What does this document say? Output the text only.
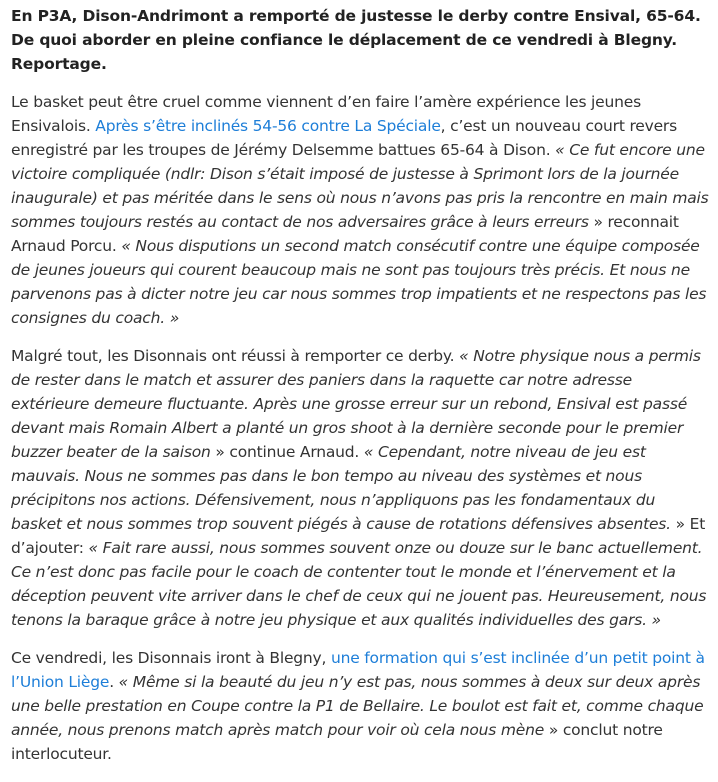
En P3A, Dison-Andrimont a remporté de justesse le derby contre Ensival, 65-64. De quoi aborder en pleine confiance le déplacement de ce vendredi à Blegny. Reportage.

Le basket peut être cruel comme viennent d’en faire l’amère expérience les jeunes Ensivalois. Après s’être inclinés 54-56 contre La Spéciale, c’est un nouveau court revers enregistré par les troupes de Jérémy Delsemme battues 65-64 à Dison. « Ce fut encore une victoire compliquée (ndlr: Dison s’était imposé de justesse à Sprimont lors de la journée inaugurale) et pas méritée dans le sens où nous n’avons pas pris la rencontre en main mais sommes toujours restés au contact de nos adversaires grâce à leurs erreurs » reconnait Arnaud Porcu. « Nous disputions un second match consécutif contre une équipe composée de jeunes joueurs qui courent beaucoup mais ne sont pas toujours très précis. Et nous ne parvenons pas à dicter notre jeu car nous sommes trop impatients et ne respectons pas les consignes du coach. »

Malgré tout, les Disonnais ont réussi à remporter ce derby. « Notre physique nous a permis de rester dans le match et assurer des paniers dans la raquette car notre adresse extérieure demeure fluctuante. Après une grosse erreur sur un rebond, Ensival est passé devant mais Romain Albert a planté un gros shoot à la dernière seconde pour le premier buzzer beater de la saison » continue Arnaud. « Cependant, notre niveau de jeu est mauvais. Nous ne sommes pas dans le bon tempo au niveau des systèmes et nous précipitons nos actions. Défensivement, nous n’appliquons pas les fondamentaux du basket et nous sommes trop souvent piégés à cause de rotations défensives absentes. » Et d’ajouter: « Fait rare aussi, nous sommes souvent onze ou douze sur le banc actuellement. Ce n’est donc pas facile pour le coach de contenter tout le monde et l’énervement et la déception peuvent vite arriver dans le chef de ceux qui ne jouent pas. Heureusement, nous tenons la baraque grâce à notre jeu physique et aux qualités individuelles des gars. »

Ce vendredi, les Disonnais iront à Blegny, une formation qui s’est inclinée d’un petit point à l’Union Liège. « Même si la beauté du jeu n’y est pas, nous sommes à deux sur deux après une belle prestation en Coupe contre la P1 de Bellaire. Le boulot est fait et, comme chaque année, nous prenons match après match pour voir où cela nous mène » conclut notre interlocuteur.
